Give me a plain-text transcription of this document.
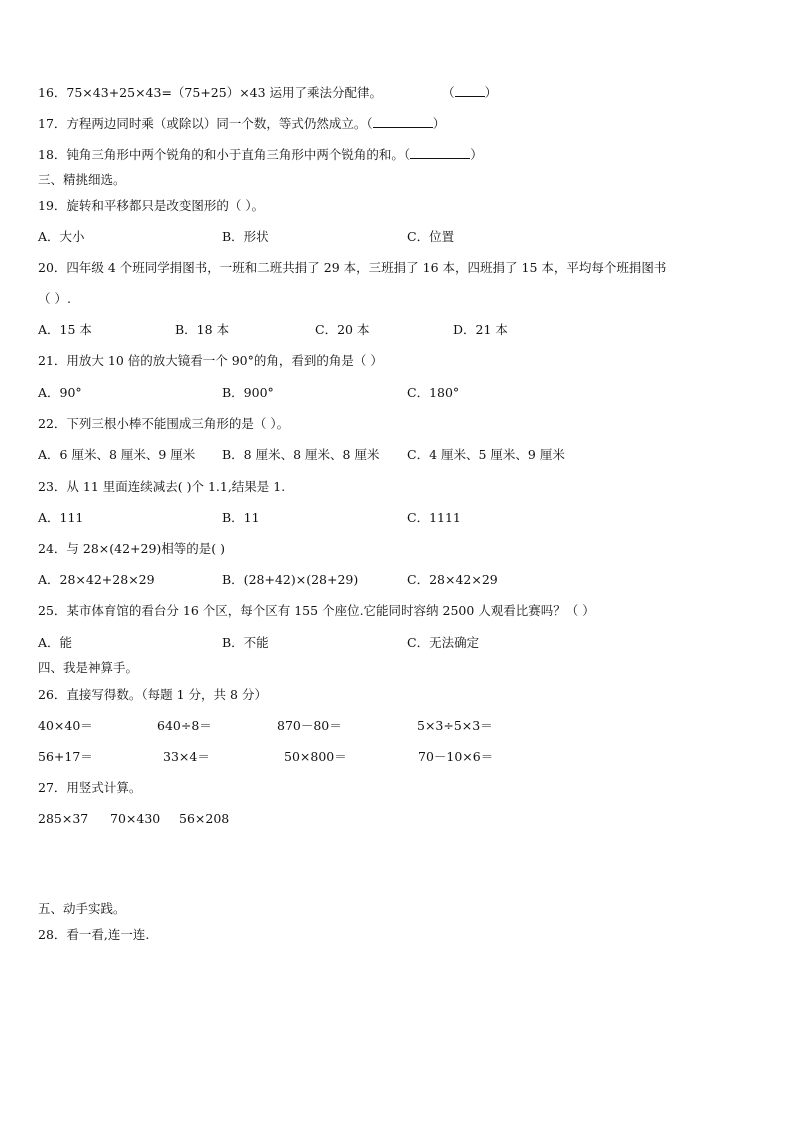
16．75×43+25×43=（75+25）×43 运用了乘法分配律。	（ ）
17．方程两边同时乘（或除以）同一个数，等式仍然成立。（	）
18．钝角三角形中两个锐角的和小于直角三角形中两个锐角的和。（	）
三、精挑细选。
19．旋转和平移都只是改变图形的（ ）。
A．大小	B．形状	C．位置
20．四年级 4 个班同学捐图书，一班和二班共捐了 29 本，三班捐了 16 本，四班捐了 15 本，平均每个班捐图书
（ ）.
A．15 本	B．18 本	C．20 本	D．21 本
21．用放大 10 倍的放大镜看一个 90°的角，看到的角是（ ）
A．90°	B．900°	C．180°
22．下列三根小棒不能围成三角形的是（ ）。
A．6 厘米、8 厘米、9 厘米 B．8 厘米、8 厘米、8 厘米 C．4 厘米、5 厘米、9 厘米
23．从 11 里面连续减去( )个 1.1,结果是 1.
A．111	B．11	C．1111
24．与 28×(42+29)相等的是( )
A．28×42+28×29	B．(28+42)×(28+29)	C．28×42×29
25．某市体育馆的看台分 16 个区，每个区有 155 个座位.它能同时容纳 2500 人观看比赛吗？（ ）
A．能	B．不能	C．无法确定
四、我是神算手。
26．直接写得数。（每题 1 分，共 8 分）
40×40＝	640÷8＝	870－80＝	5×3÷5×3＝
56+17＝	33×4＝	50×800＝	70－10×6＝
27．用竖式计算。
285×37 70×430 56×208
五、动手实践。
28．看一看,连一连.
